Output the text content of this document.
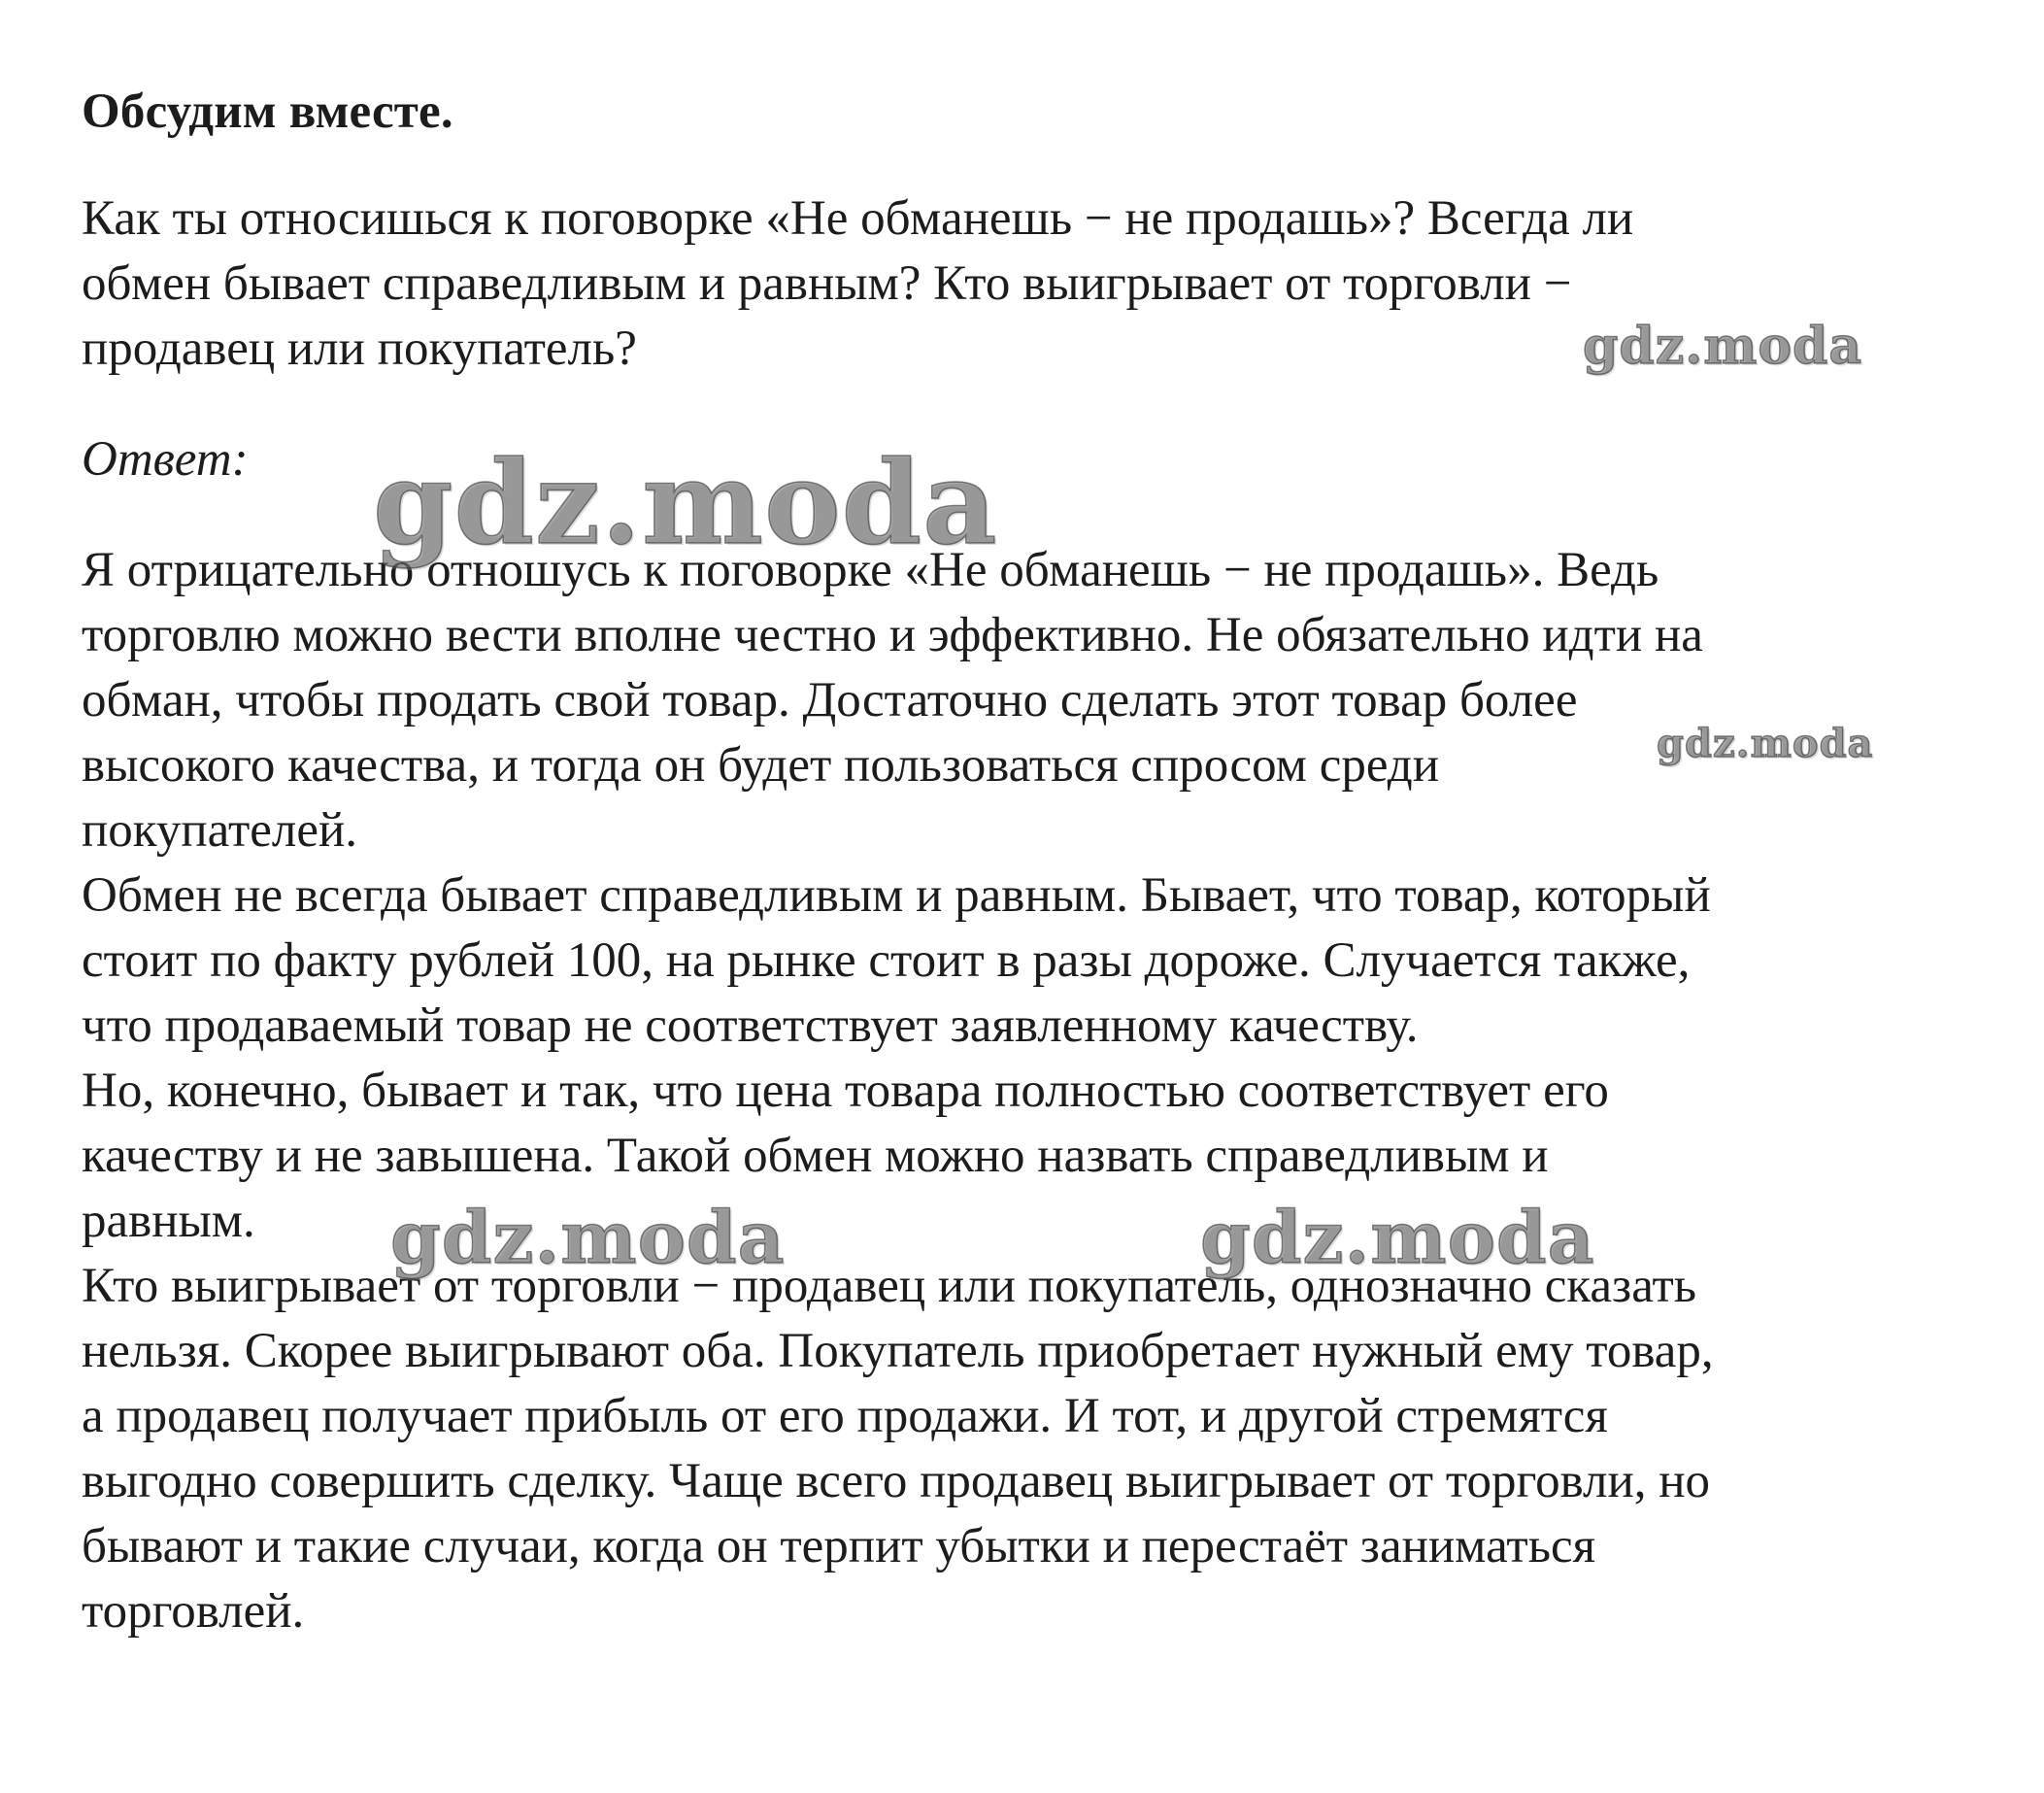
Обсудим вместе.
Как ты относишься к поговорке «Не обманешь − не продашь»? Всегда ли
обмен бывает справедливым и равным? Кто выигрывает от торговли −
продавец или покупатель?
Ответ:

Я отрицательно отношусь к поговорке «Не обманешь − не продашь». Ведь

торговлю можно вести вполне честно и эффективно. Не обязательно идти на

обман, чтобы продать свой товар. Достаточно сделать этот товар более

высокого качества, и тогда он будет пользоваться спросом среди

покупателей.

Обмен не всегда бывает справедливым и равным. Бывает, что товар, который

стоит по факту рублей 100, на рынке стоит в разы дороже. Случается также,

что продаваемый товар не соответствует заявленному качеству.

Но, конечно, бывает и так, что цена товара полностью соответствует его

качеству и не завышена. Такой обмен можно назвать справедливым и

равным.

Кто выигрывает от торговли − продавец или покупатель, однозначно сказать

нельзя. Скорее выигрывают оба. Покупатель приобретает нужный ему товар,

а продавец получает прибыль от его продажи. И тот, и другой стремятся

выгодно совершить сделку. Чаще всего продавец выигрывает от торговли, но

бывают и такие случаи, когда он терпит убытки и перестаёт заниматься

торговлей.

gdz.moda
gdz.moda
gdz.moda
gdz.moda	gdz.moda
